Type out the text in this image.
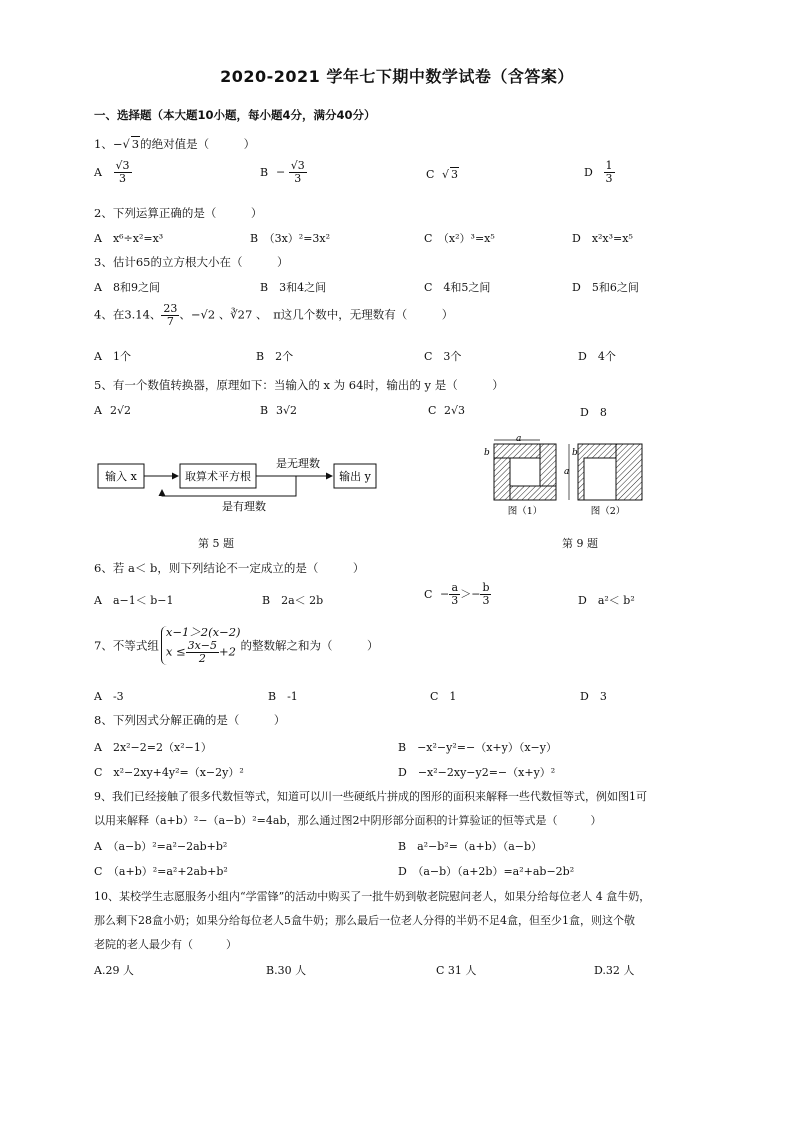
2020-2021 学年七下期中数学试卷（含答案）
一、选择题（本大题10小题，每小题4分，满分40分）
1、−√ 3的绝对值是（　　　）
A $\frac{√3}{3}$	$B - \frac{√3}{3}$	C √ 3	D $\frac{1}{3}$
2、下列运算正确的是（　　　）
A　x⁶÷x²=x³	B　（3x）²=3x²	C　（x²）³=x⁵	D　x²x³=x⁵
3、估计65的立方根大小在（　　　）
A　8和9之间	B　3和4之间	C　4和5之间	D　5和6之间
4、在3.14、 $\frac{23}{7}$ 、−√2 、∛27 、　π这几个数中，无理数有（　　　）
A　1个	B　2个	C　3个	D　4个
5、有一个数值转换器，原理如下：当输入的 x 为 64时，输出的 y 是（　　　）
A 2√2	B 3√2	C 2√3	D　8
输入 x	取算术平方根
是无理数
输出 y
是有理数
第 5 题
a
b
a
b
图（1）	图（2）
第 9 题
6、若 a＜ b，则下列结论不一定成立的是（　　　）
A　a−1＜ b−1	B　2a＜ 2b	$C - \frac{a}{3} >- \frac{b}{3}$	D　a²＜ b²
7、不等式组
x−1＞2(x−2)
$x \le \frac{3x-5}{2} +2$ 的整数解之和为（　　　）
A　-3	B　-1	C　1	D　3
8、下列因式分解正确的是（　　　）
A　2x²−2=2（x²−1）	B　−x²−y²=−（x+y）（x−y）
C　x²−2xy+4y²=（x−2y）²	D　−x²−2xy−y2=−（x+y）²
9、我们已经接触了很多代数恒等式，知道可以川一些硬纸片拼成的图形的面积来解释一些代数恒等式，例如图1可
以用来解释（a+b）²−（a−b）²=4ab，那么通过图2中阴形部分面积的计算验证的恒等式是（　　　）
A　（a−b）²=a²−2ab+b²	B　a²−b²=（a+b）（a−b）
C　（a+b）²=a²+2ab+b²	D　（a−b）（a+2b）=a²+ab−2b²
10、某校学生志愿服务小组内“学雷锋”的活动中购买了一批牛奶到敬老院慰问老人，如果分给每位老人 4 盒牛奶，
那么剩下28盒小奶；如果分给每位老人5盒牛奶；那么最后一位老人分得的半奶不足4盒，但至少1盒，则这个敬
老院的老人最少有（　　　）
A.29 人	B.30 人	C 31 人	D.32 人
